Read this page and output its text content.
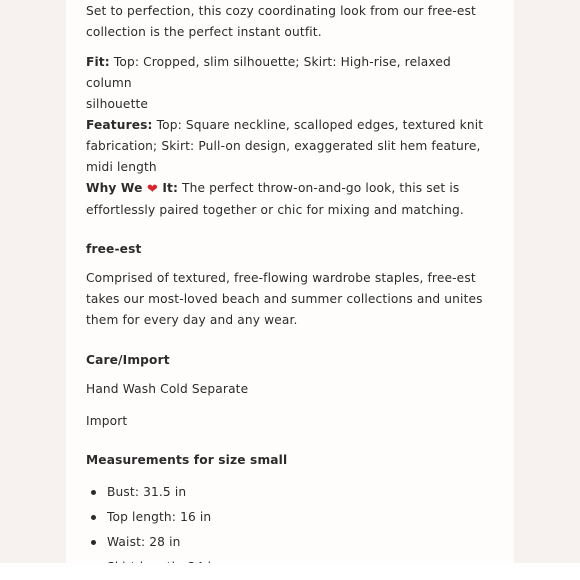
Set to perfection, this cozy coordinating look from our free-est

collection is the perfect instant outfit.

Fit: Top: Cropped, slim silhouette; Skirt: High-rise, relaxed column

silhouette

Features: Top: Square neckline, scalloped edges, textured knit

fabrication; Skirt: Pull-on design, exaggerated slit hem feature,

midi length

Why We ❤ It: The perfect throw-on-and-go look, this set is

effortlessly paired together or chic for mixing and matching.

free-est

Comprised of textured, free-flowing wardrobe staples, free-est

takes our most-loved beach and summer collections and unites

them for every day and any wear.

Care/Import

Hand Wash Cold Separate

Import

Measurements for size small

Bust: 31.5 in
Top length: 16 in
Waist: 28 in
